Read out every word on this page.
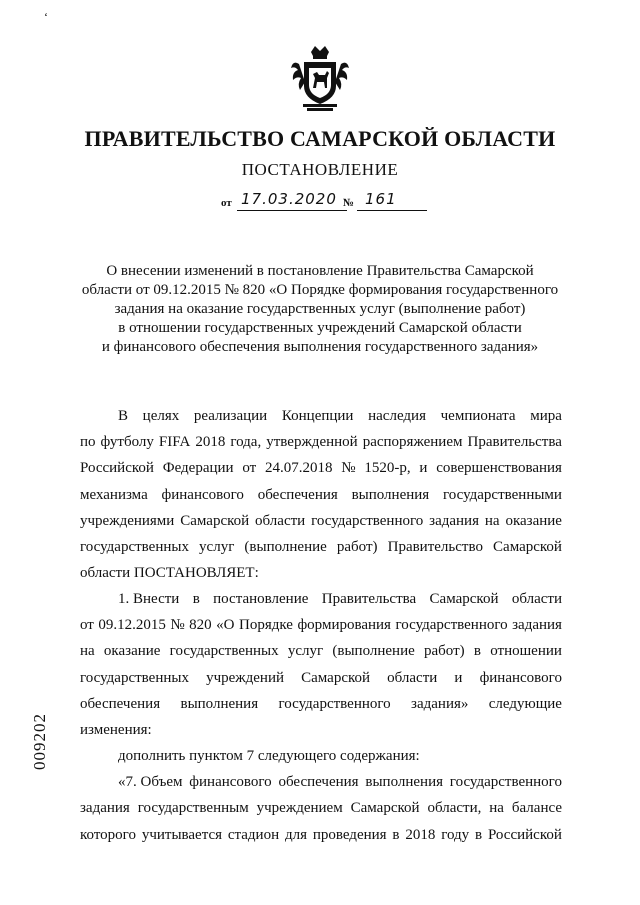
‘
ПРАВИТЕЛЬСТВО САМАРСКОЙ ОБЛАСТИ
ПОСТАНОВЛЕНИЕ
от 17.03.2020 № 161
О внесении изменений в постановление Правительства Самарской
области от 09.12.2015 № 820 «О Порядке формирования государственного
задания на оказание государственных услуг (выполнение работ)
в отношении государственных учреждений Самарской области
и финансового обеспечения выполнения государственного задания»
В целях реализации Концепции наследия чемпионата мира
по футболу FIFA 2018 года, утвержденной распоряжением Правительства
Российской Федерации от 24.07.2018 № 1520-р, и совершенствования
механизма финансового обеспечения выполнения государственными
учреждениями Самарской области государственного задания на оказание
государственных услуг (выполнение работ) Правительство Самарской
области ПОСТАНОВЛЯЕТ:
1. Внести в постановление Правительства Самарской области
от 09.12.2015 № 820 «О Порядке формирования государственного задания
на оказание государственных услуг (выполнение работ) в отношении
государственных учреждений Самарской области и финансового
обеспечения выполнения государственного задания» следующие
изменения:
дополнить пунктом 7 следующего содержания:
«7. Объем финансового обеспечения выполнения государственного
задания государственным учреждением Самарской области, на балансе
которого учитывается стадион для проведения в 2018 году в Российской
009202
